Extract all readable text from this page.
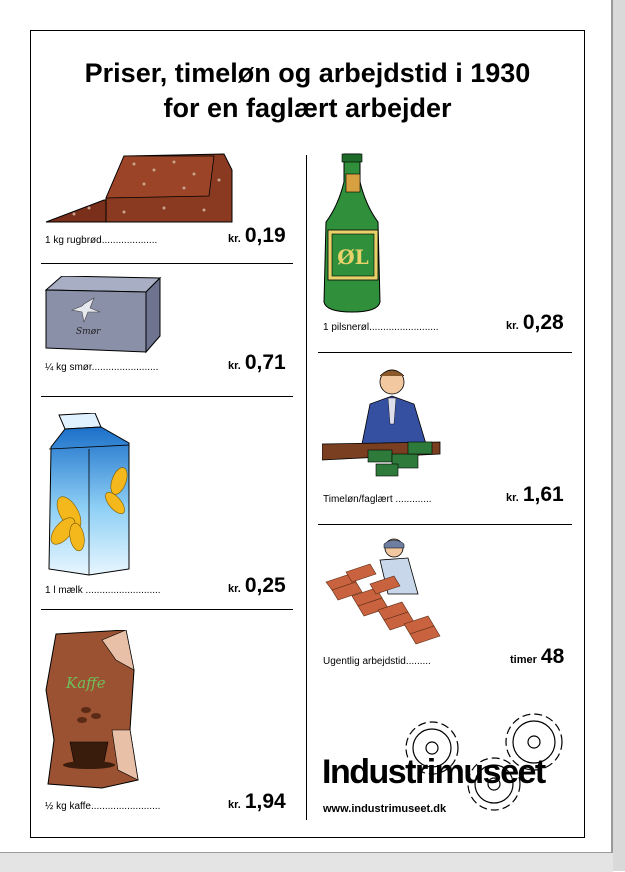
Priser, timeløn og arbejdstid i 1930
for en faglært arbejder
1 kg rugbrød....................	kr. 0,19
Smør
¼ kg smør........................	kr. 0,71
1 l mælk ...........................	kr. 0,25
Kaffe
½ kg kaffe.........................	kr. 1,94
ØL
1 pilsnerøl.........................	kr. 0,28
Timeløn/faglært .............	kr. 1,61
Ugentlig arbejdstid.........	timer 48
Industrimuseet
www.industrimuseet.dk
